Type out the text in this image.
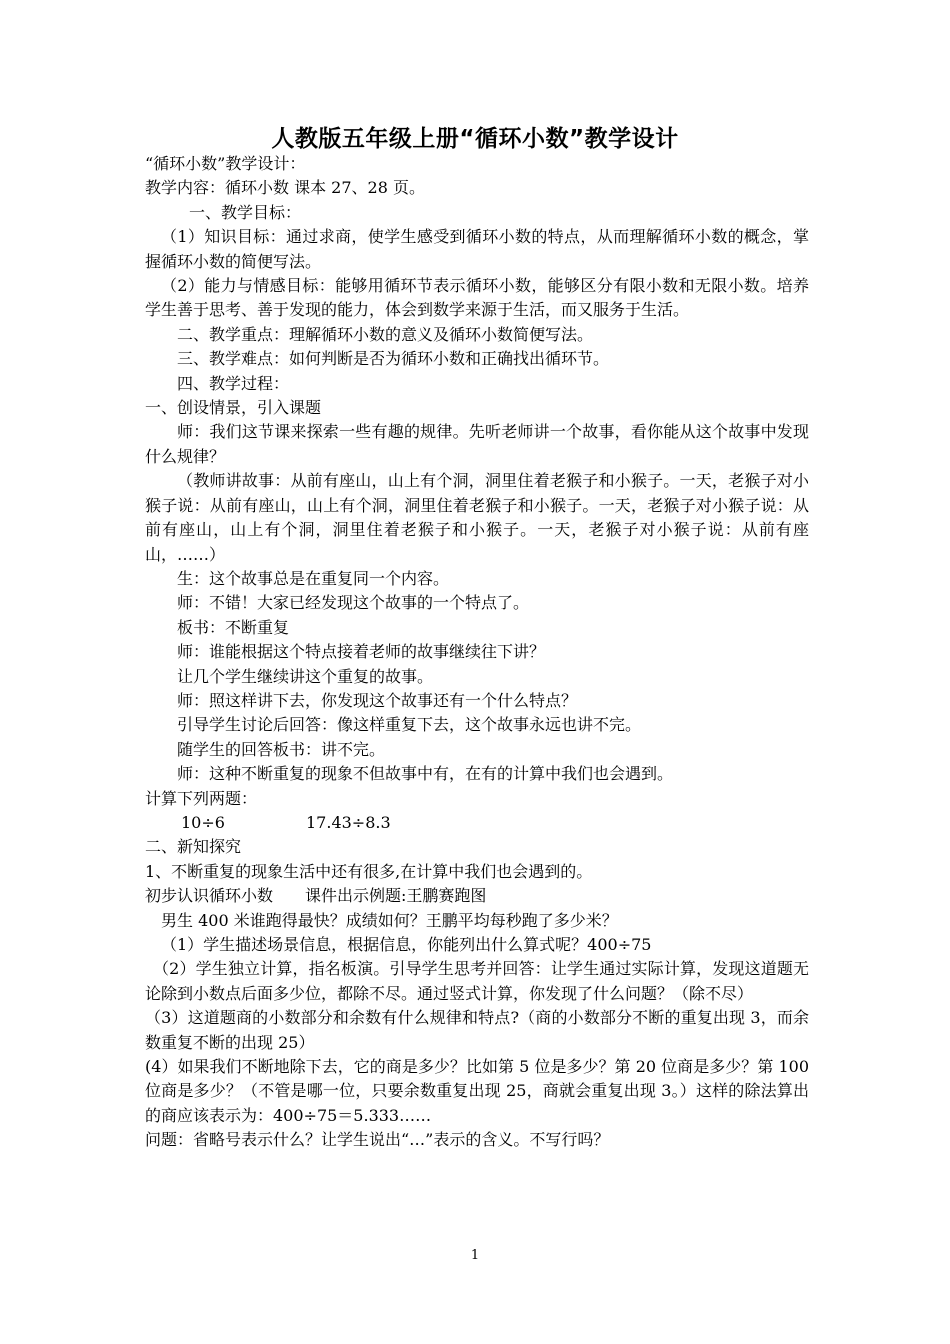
人教版五年级上册“循环小数”教学设计

“循环小数”教学设计：

教学内容：循环小数 课本 27、28 页。

一、教学目标：

（1）知识目标：通过求商，使学生感受到循环小数的特点，从而理解循环小数的概念，掌握循环小数的简便写法。

（2）能力与情感目标：能够用循环节表示循环小数，能够区分有限小数和无限小数。培养学生善于思考、善于发现的能力，体会到数学来源于生活，而又服务于生活。

二、教学重点：理解循环小数的意义及循环小数简便写法。

三、教学难点：如何判断是否为循环小数和正确找出循环节。

四、教学过程：

一、创设情景，引入课题

师：我们这节课来探索一些有趣的规律。先听老师讲一个故事，看你能从这个故事中发现什么规律？

（教师讲故事：从前有座山，山上有个洞，洞里住着老猴子和小猴子。一天，老猴子对小猴子说：从前有座山，山上有个洞，洞里住着老猴子和小猴子。一天，老猴子对小猴子说：从前有座山，山上有个洞，洞里住着老猴子和小猴子。一天，老猴子对小猴子说：从前有座山，……）

生：这个故事总是在重复同一个内容。

师：不错！大家已经发现这个故事的一个特点了。

板书：不断重复

师：谁能根据这个特点接着老师的故事继续往下讲？

让几个学生继续讲这个重复的故事。

师：照这样讲下去，你发现这个故事还有一个什么特点？

引导学生讨论后回答：像这样重复下去，这个故事永远也讲不完。

随学生的回答板书：讲不完。

师：这种不断重复的现象不但故事中有，在有的计算中我们也会遇到。

计算下列两题：

10÷6	17.43÷8.3

二、新知探究

1、不断重复的现象生活中还有很多,在计算中我们也会遇到的。

初步认识循环小数　　课件出示例题:王鹏赛跑图

男生 400 米谁跑得最快？成绩如何？王鹏平均每秒跑了多少米？

（1）学生描述场景信息，根据信息，你能列出什么算式呢？400÷75

（2）学生独立计算，指名板演。引导学生思考并回答：让学生通过实际计算，发现这道题无论除到小数点后面多少位，都除不尽。通过竖式计算，你发现了什么问题？（除不尽）

（3）这道题商的小数部分和余数有什么规律和特点?（商的小数部分不断的重复出现 3，而余数重复不断的出现 25）

(4）如果我们不断地除下去，它的商是多少？比如第 5 位是多少？第 20 位商是多少？第 100 位商是多少？（不管是哪一位，只要余数重复出现 25，商就会重复出现 3。）这样的除法算出的商应该表示为：400÷75＝5.333……

问题：省略号表示什么？让学生说出“…”表示的含义。不写行吗？

1
